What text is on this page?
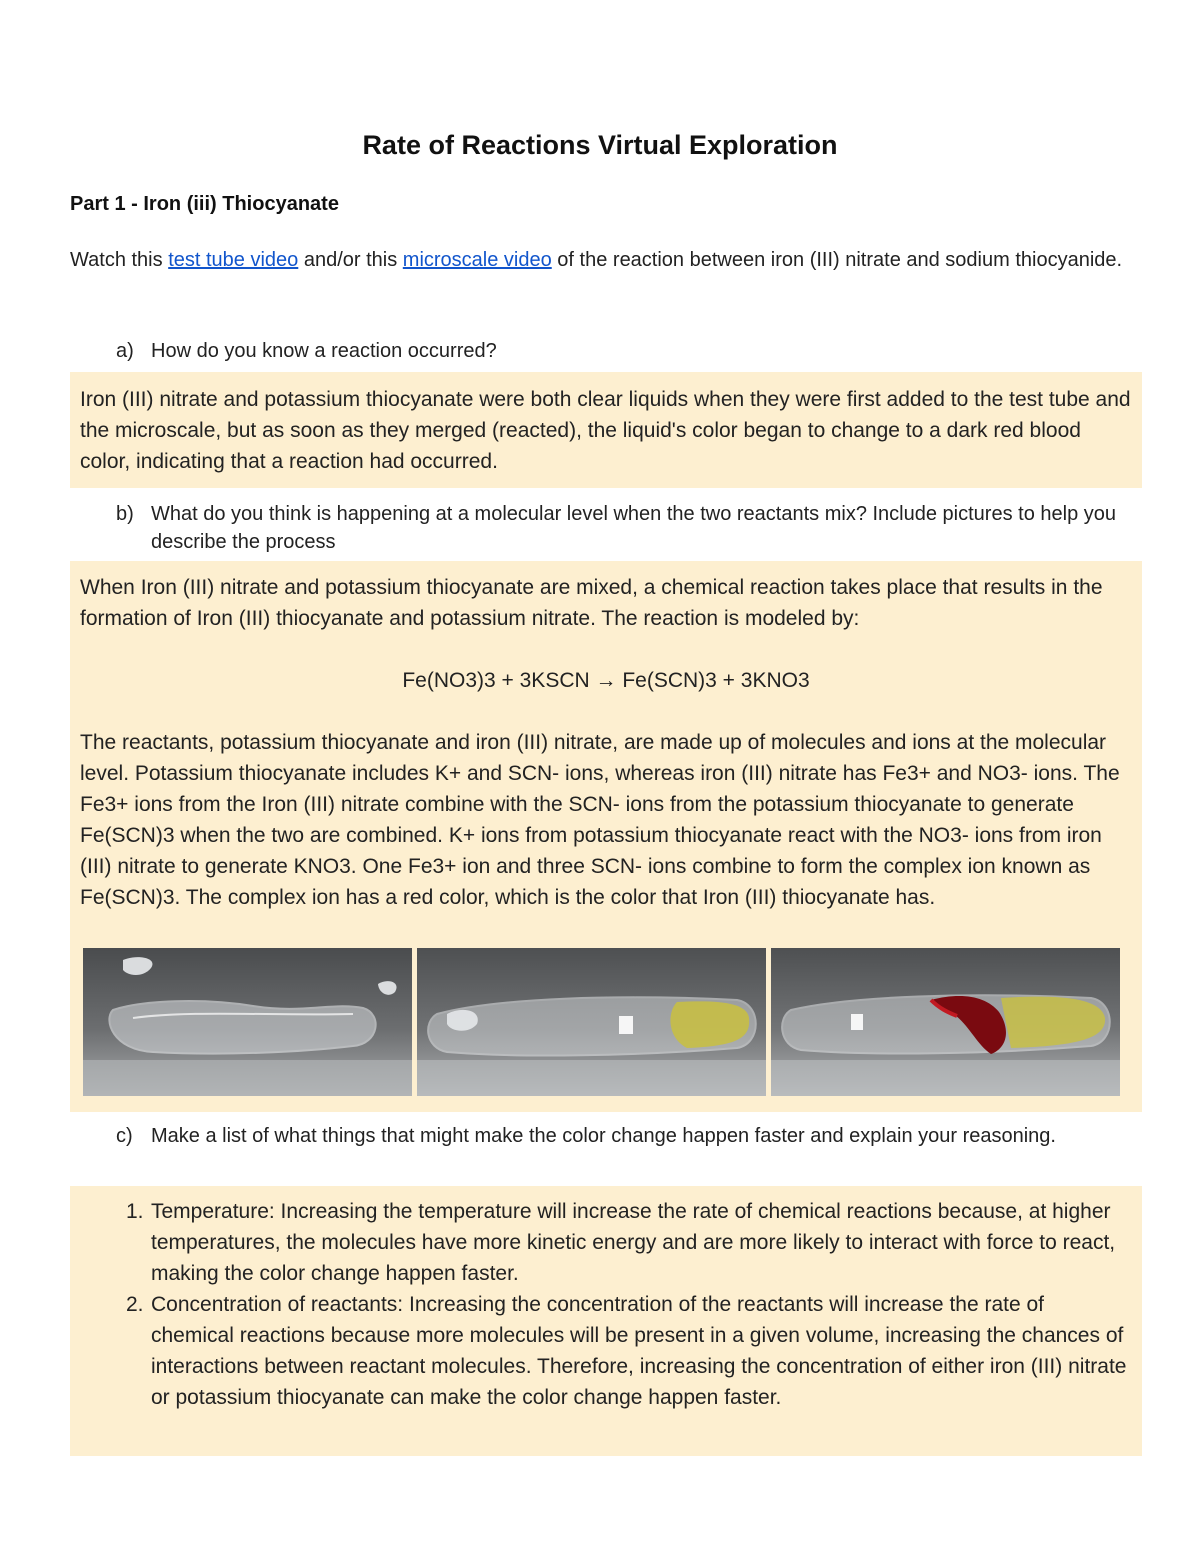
Rate of Reactions Virtual Exploration
Part 1 - Iron (iii) Thiocyanate
Watch this test tube video and/or this microscale video of the reaction between iron (III) nitrate and sodium thiocyanide.
a) How do you know a reaction occurred?

Iron (III) nitrate and potassium thiocyanate were both clear liquids when they were first added to the test tube and the microscale, but as soon as they merged (reacted), the liquid's color began to change to a dark red blood color, indicating that a reaction had occurred.

b) What do you think is happening at a molecular level when the two reactants mix? Include pictures to help you describe the process

When Iron (III) nitrate and potassium thiocyanate are mixed, a chemical reaction takes place that results in the formation of Iron (III) thiocyanate and potassium nitrate. The reaction is modeled by:

Fe(NO3)3 + 3KSCN → Fe(SCN)3 + 3KNO3

The reactants, potassium thiocyanate and iron (III) nitrate, are made up of molecules and ions at the molecular level. Potassium thiocyanate includes K+ and SCN- ions, whereas iron (III) nitrate has Fe3+ and NO3- ions. The Fe3+ ions from the Iron (III) nitrate combine with the SCN- ions from the potassium thiocyanate to generate Fe(SCN)3 when the two are combined. K+ ions from potassium thiocyanate react with the NO3- ions from iron (III) nitrate to generate KNO3. One Fe3+ ion and three SCN- ions combine to form the complex ion known as Fe(SCN)3. The complex ion has a red color, which is the color that Iron (III) thiocyanate has.

c) Make a list of what things that might make the color change happen faster and explain your reasoning.
1. Temperature: Increasing the temperature will increase the rate of chemical reactions because, at higher temperatures, the molecules have more kinetic energy and are more likely to interact with force to react, making the color change happen faster.
2. Concentration of reactants: Increasing the concentration of the reactants will increase the rate of chemical reactions because more molecules will be present in a given volume, increasing the chances of interactions between reactant molecules. Therefore, increasing the concentration of either iron (III) nitrate or potassium thiocyanate can make the color change happen faster.
